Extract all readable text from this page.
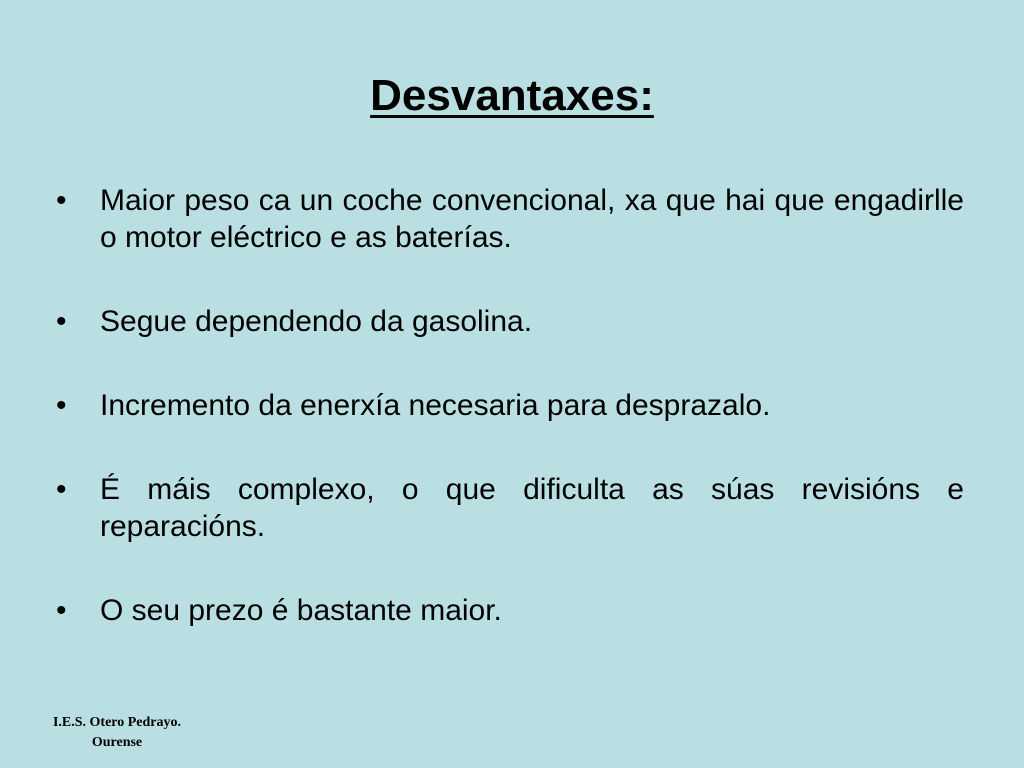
Desvantaxes:
•	Maior peso ca un coche convencional, xa que hai que engadirlle o motor eléctrico e as baterías.
•	Segue dependendo da gasolina.
•	Incremento da enerxía necesaria para desprazalo.
•	É máis complexo, o que dificulta as súas revisións e reparacións.
•	O seu prezo é bastante maior.
I.E.S. Otero Pedrayo.
Ourense
